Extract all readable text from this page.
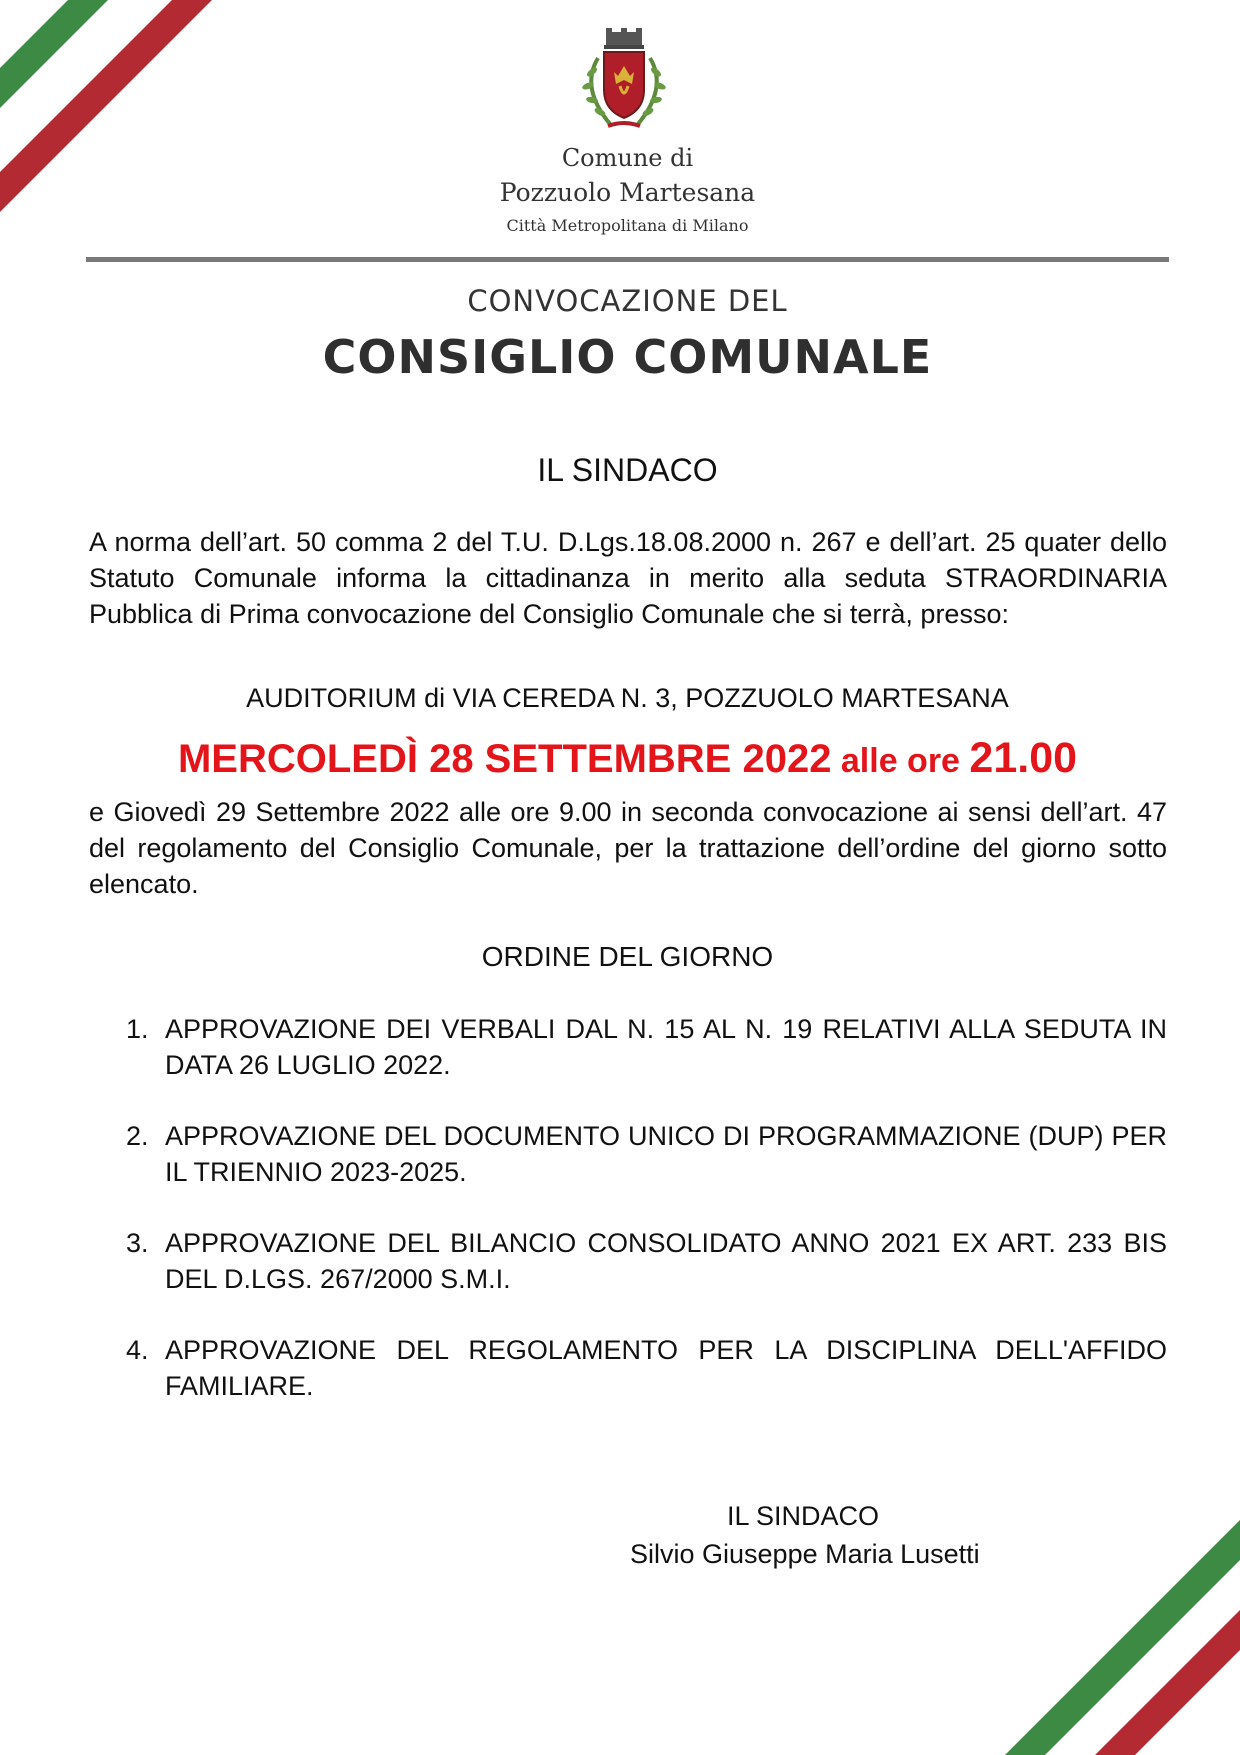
Comune di
Pozzuolo Martesana
Città Metropolitana di Milano
CONVOCAZIONE DEL
CONSIGLIO COMUNALE
IL SINDACO
A norma dell’art. 50 comma 2 del T.U. D.Lgs.18.08.2000 n. 267 e dell’art. 25 quater dello Statuto Comunale informa la cittadinanza in merito alla seduta STRAORDINARIA Pubblica di Prima convocazione del Consiglio Comunale che si terrà, presso:
AUDITORIUM di VIA CEREDA N. 3, POZZUOLO MARTESANA
MERCOLEDÌ 28 SETTEMBRE 2022 alle ore 21.00
e Giovedì 29 Settembre 2022 alle ore 9.00 in seconda convocazione ai sensi dell’art. 47 del regolamento del Consiglio Comunale, per la trattazione dell’ordine del giorno sotto elencato.
ORDINE DEL GIORNO
1. APPROVAZIONE DEI VERBALI DAL N. 15 AL N. 19 RELATIVI ALLA SEDUTA IN DATA 26 LUGLIO 2022.
2. APPROVAZIONE DEL DOCUMENTO UNICO DI PROGRAMMAZIONE (DUP) PER IL TRIENNIO 2023-2025.
3. APPROVAZIONE DEL BILANCIO CONSOLIDATO ANNO 2021 EX ART. 233 BIS DEL D.LGS. 267/2000 S.M.I.
4. APPROVAZIONE DEL REGOLAMENTO PER LA DISCIPLINA DELL'AFFIDO FAMILIARE.
IL SINDACO
Silvio Giuseppe Maria Lusetti
